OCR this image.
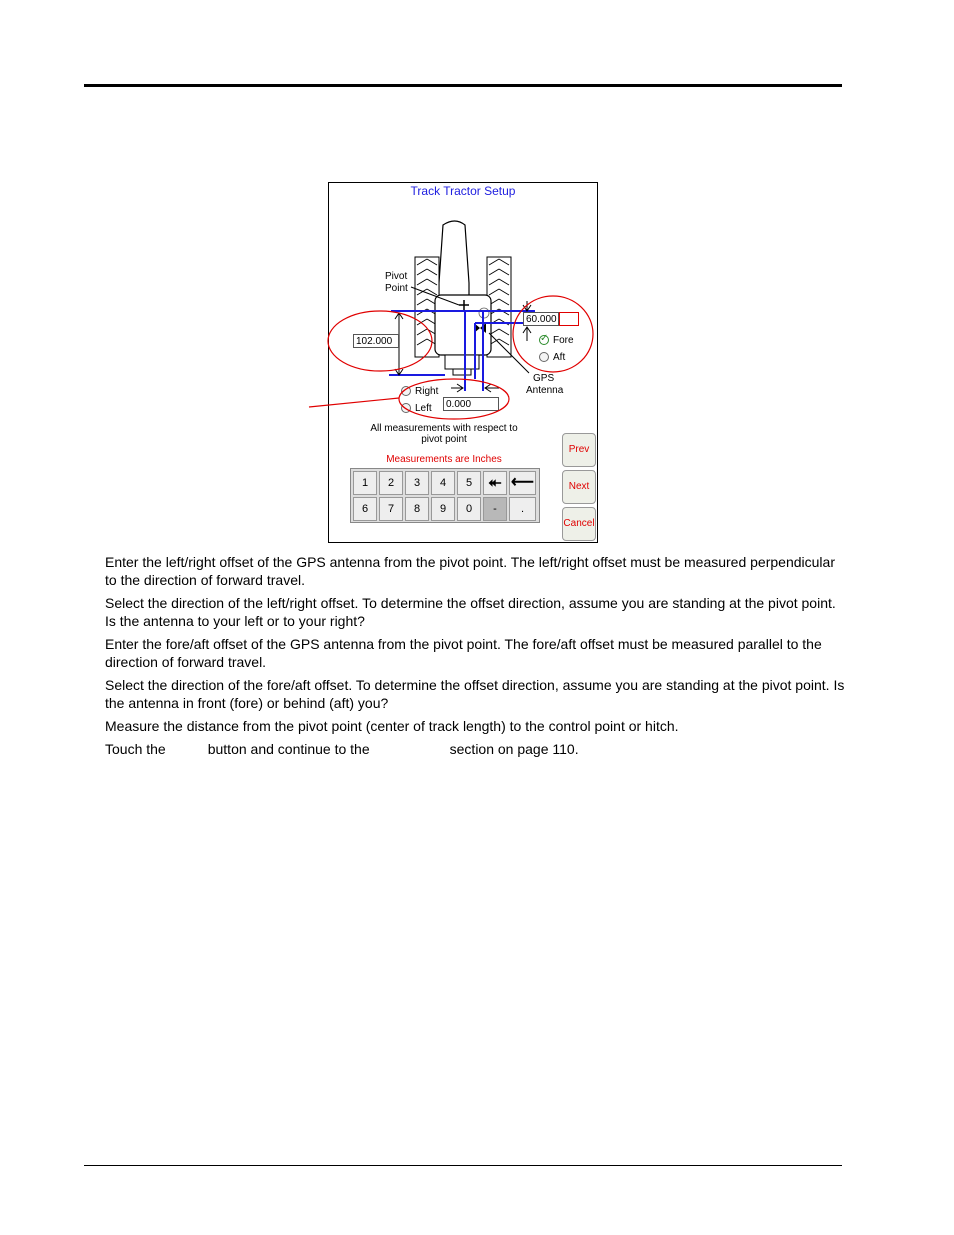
Track Tractor Setup
Pivot
Point
GPS
Antenna
60.000
102.000
0.000
✓
Fore
Aft
Right
Left
All measurements with respect to
pivot point
Measurements are Inches
1	2	3	4	5	⯬ ⟵
6	7	8	9	0	-	.
Prev
Next
Cancel

Enter the left/right offset of the GPS antenna from the pivot point. The left/right offset must be measured perpendicular to the direction of forward travel.

Select the direction of the left/right offset. To determine the offset direction, assume you are standing at the pivot point. Is the antenna to your left or to your right?

Enter the fore/aft offset of the GPS antenna from the pivot point. The fore/aft offset must be measured parallel to the direction of forward travel.

Select the direction of the fore/aft offset. To determine the offset direction, assume you are standing at the pivot point. Is the antenna in front (fore) or behind (aft) you?

Measure the distance from the pivot point (center of track length) to the control point or hitch.

Touch the	button and continue to the	section on page 110.
